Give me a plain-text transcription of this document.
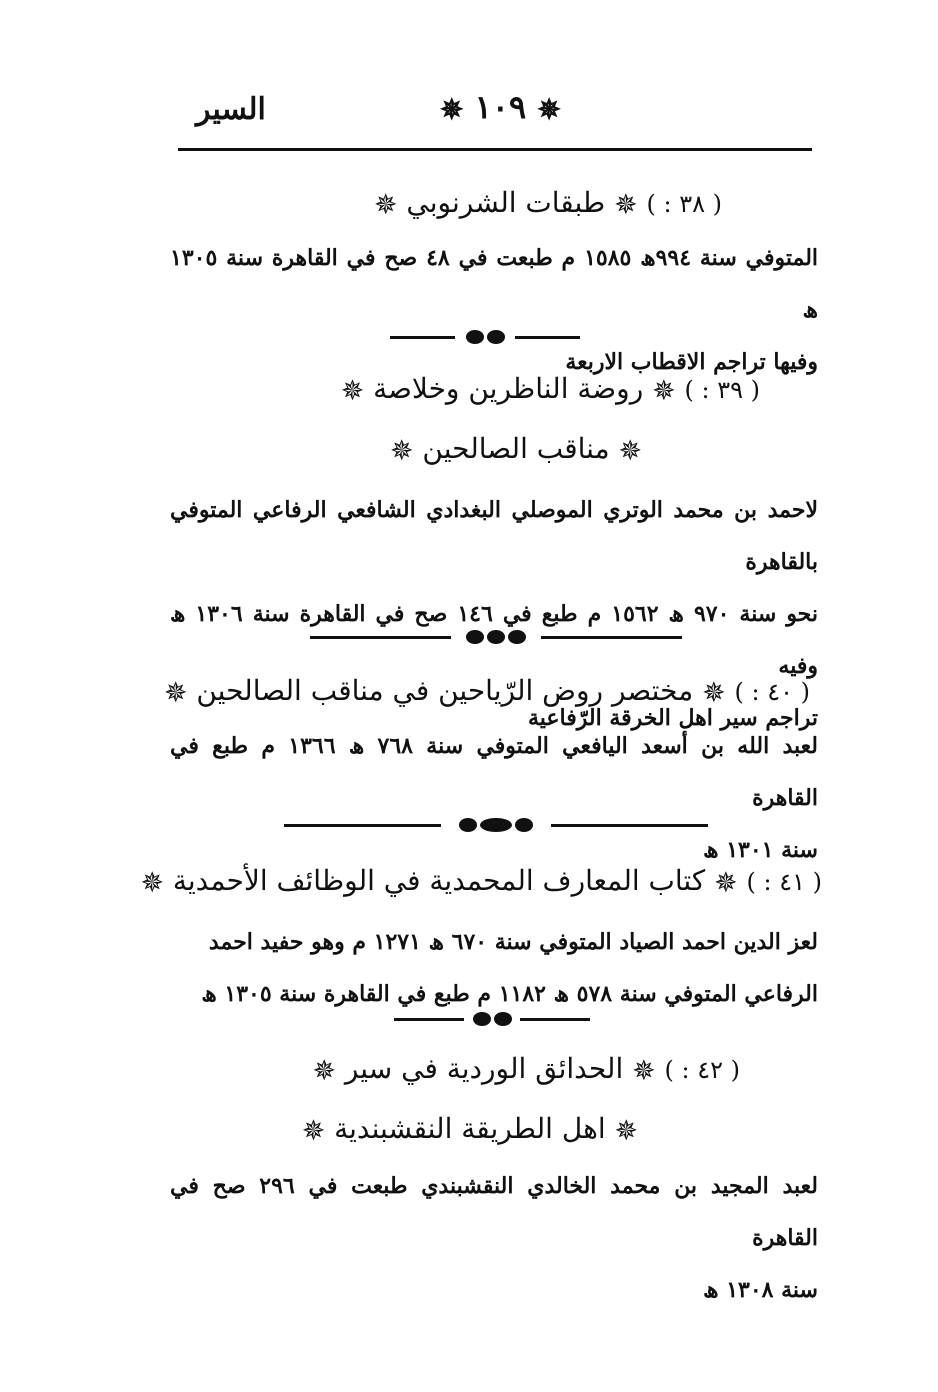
السير	✵ ١٠٩ ✵
( ٣٨ : ) ✵ طبقات الشرنوبي ✵
المتوفي سنة ٩٩٤ھ ١٥٨٥ م طبعت في ٤٨ صح في القاهرة سنة ١٣٠٥ ھ
وفيها تراجم الاقطاب الاربعة
( ٣٩ : ) ✵ روضة الناظرين وخلاصة ✵
✵ مناقب الصالحين ✵
لاحمد بن محمد الوتري الموصلي البغدادي الشافعي الرفاعي المتوفي بالقاهرة
نحو سنة ٩٧٠ ھ ١٥٦٢ م طبع في ١٤٦ صح في القاهرة سنة ١٣٠٦ ھ وفيه
تراجم سير اهل الخرقة الرّفاعية
( ٤٠ : ) ✵ مختصر روض الرّياحين في مناقب الصالحين ✵
لعبد الله بن أسعد اليافعي المتوفي سنة ٧٦٨ ھ ١٣٦٦ م طبع في القاهرة
سنة ١٣٠١ ھ
( ٤١ : ) ✵ كتاب المعارف المحمدية في الوظائف الأحمدية ✵
لعز الدين احمد الصياد المتوفي سنة ٦٧٠ ھ ١٢٧١ م وهو حفيد احمد
الرفاعي المتوفي سنة ٥٧٨ ھ ١١٨٢ م طبع في القاهرة سنة ١٣٠٥ ھ
( ٤٢ : ) ✵ الحدائق الوردية في سير ✵
✵ اهل الطريقة النقشبندية ✵
لعبد المجيد بن محمد الخالدي النقشبندي طبعت في ٢٩٦ صح في القاهرة
سنة ١٣٠٨ ھ
